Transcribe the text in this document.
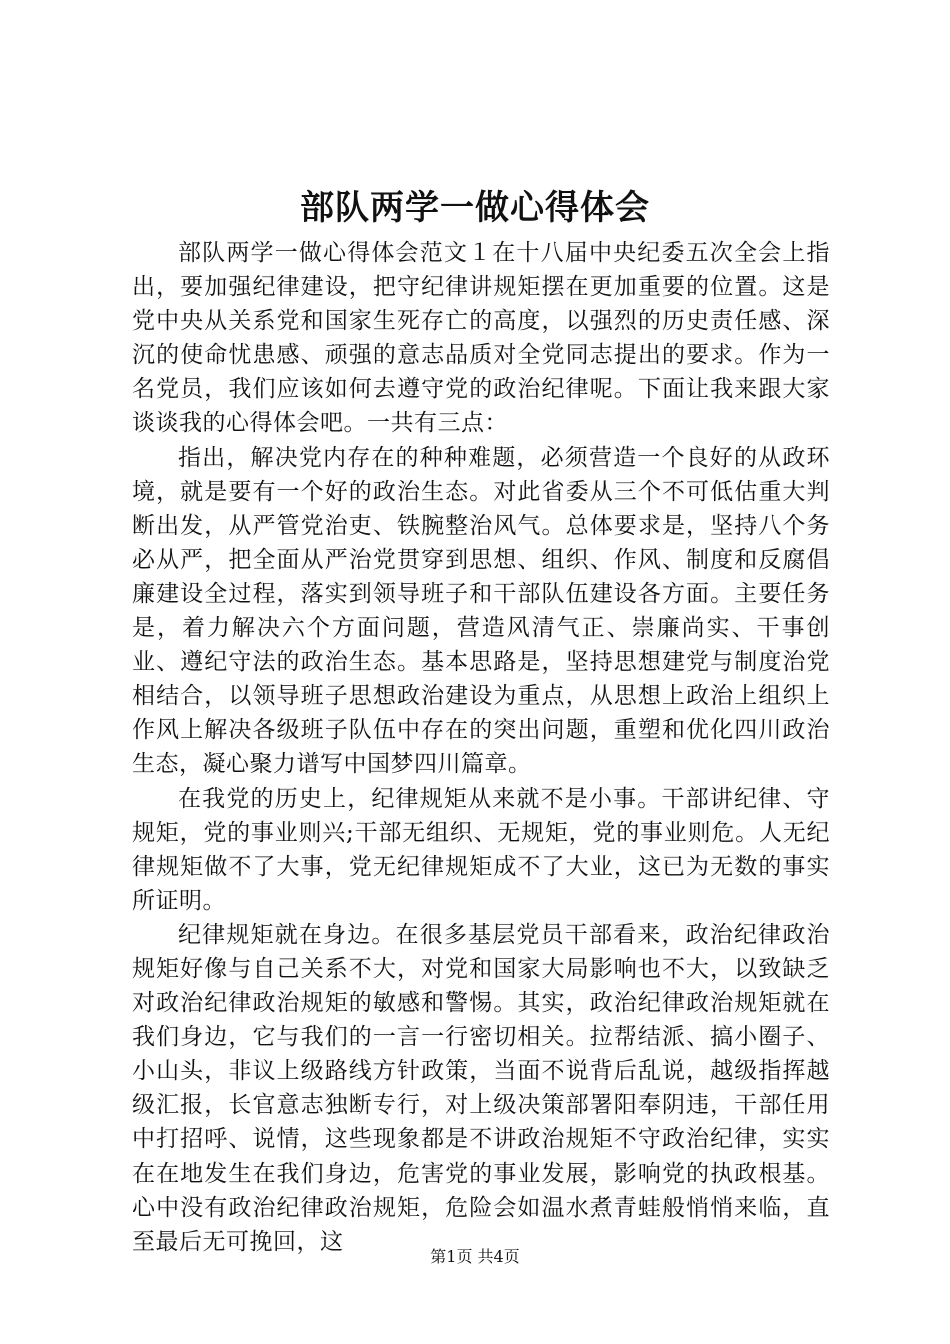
部队两学一做心得体会

部队两学一做心得体会范文１在十八届中央纪委五次全会上指出，要加强纪律建设，把守纪律讲规矩摆在更加重要的位置。这是党中央从关系党和国家生死存亡的高度，以强烈的历史责任感、深沉的使命忧患感、顽强的意志品质对全党同志提出的要求。作为一名党员，我们应该如何去遵守党的政治纪律呢。下面让我来跟大家谈谈我的心得体会吧。一共有三点：

指出，解决党内存在的种种难题，必须营造一个良好的从政环境，就是要有一个好的政治生态。对此省委从三个不可低估重大判断出发，从严管党治吏、铁腕整治风气。总体要求是，坚持八个务必从严，把全面从严治党贯穿到思想、组织、作风、制度和反腐倡廉建设全过程，落实到领导班子和干部队伍建设各方面。主要任务是，着力解决六个方面问题，营造风清气正、崇廉尚实、干事创业、遵纪守法的政治生态。基本思路是，坚持思想建党与制度治党相结合，以领导班子思想政治建设为重点，从思想上政治上组织上作风上解决各级班子队伍中存在的突出问题，重塑和优化四川政治生态，凝心聚力谱写中国梦四川篇章。

在我党的历史上，纪律规矩从来就不是小事。干部讲纪律、守规矩，党的事业则兴;干部无组织、无规矩，党的事业则危。人无纪律规矩做不了大事，党无纪律规矩成不了大业，这已为无数的事实所证明。

纪律规矩就在身边。在很多基层党员干部看来，政治纪律政治规矩好像与自己关系不大，对党和国家大局影响也不大，以致缺乏对政治纪律政治规矩的敏感和警惕。其实，政治纪律政治规矩就在我们身边，它与我们的一言一行密切相关。拉帮结派、搞小圈子、小山头，非议上级路线方针政策，当面不说背后乱说，越级指挥越级汇报，长官意志独断专行，对上级决策部署阳奉阴违，干部任用中打招呼、说情，这些现象都是不讲政治规矩不守政治纪律，实实在在地发生在我们身边，危害党的事业发展，影响党的执政根基。心中没有政治纪律政治规矩，危险会如温水煮青蛙般悄悄来临，直至最后无可挽回，这

第1页 共4页
